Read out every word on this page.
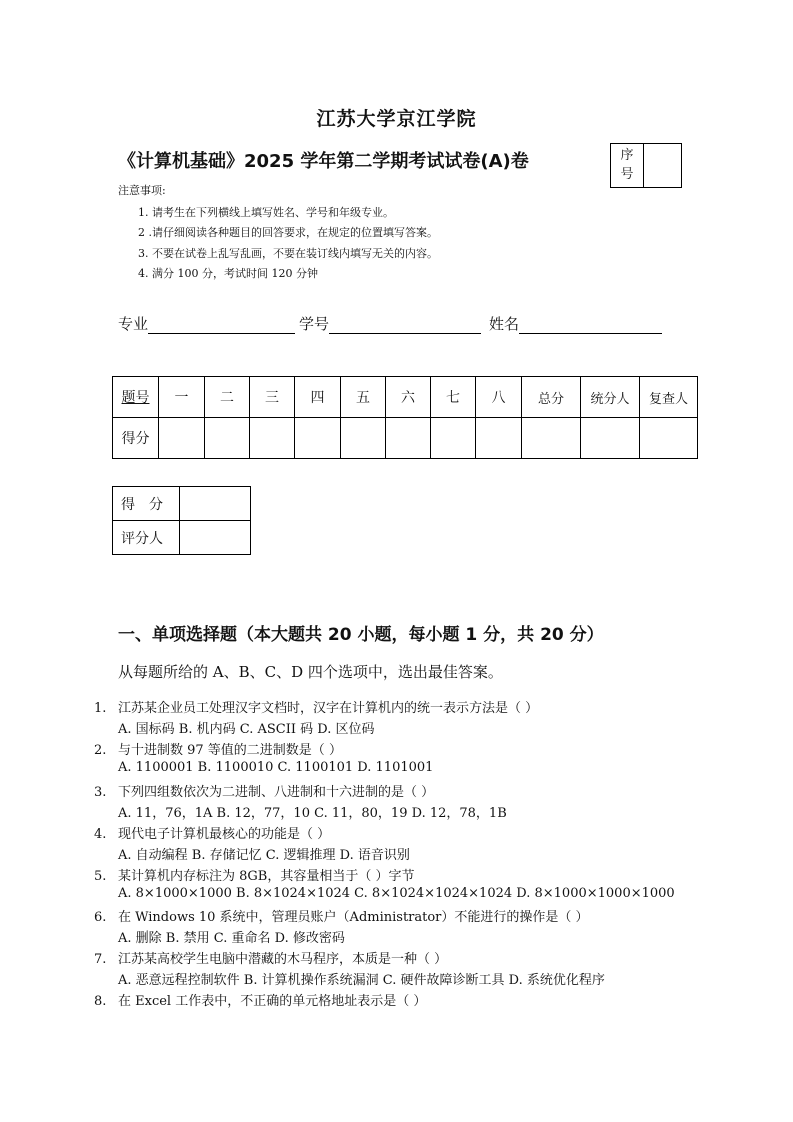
江苏大学京江学院
《计算机基础》2025 学年第二学期考试试卷(A)卷	序
号
注意事项:
1. 请考生在下列横线上填写姓名、学号和年级专业。
2 .请仔细阅读各种题目的回答要求，在规定的位置填写答案。
3. 不要在试卷上乱写乱画，不要在装订线内填写无关的内容。
4. 满分 100 分，考试时间 120 分钟
专业	学号	姓名
题号	一	二	三	四	五	六	七	八	总分	统分人	复查人
得分											
得　分	
评分人	
一、单项选择题（本大题共 20 小题，每小题 1 分，共 20 分）
从每题所给的 A、B、C、D 四个选项中，选出最佳答案。
1. 江苏某企业员工处理汉字文档时，汉字在计算机内的统一表示方法是（ ）
A. 国标码 B. 机内码 C. ASCII 码 D. 区位码
2. 与十进制数 97 等值的二进制数是（ ）
A. 1100001 B. 1100010 C. 1100101 D. 1101001
3. 下列四组数依次为二进制、八进制和十六进制的是（ ）
A. 11，76，1A B. 12，77，10 C. 11，80，19 D. 12，78，1B
4. 现代电子计算机最核心的功能是（ ）
A. 自动编程 B. 存储记忆 C. 逻辑推理 D. 语音识别
5. 某计算机内存标注为 8GB，其容量相当于（ ）字节
A. 8×1000×1000 B. 8×1024×1024 C. 8×1024×1024×1024 D. 8×1000×1000×1000
6. 在 Windows 10 系统中，管理员账户（Administrator）不能进行的操作是（ ）
A. 删除 B. 禁用 C. 重命名 D. 修改密码
7. 江苏某高校学生电脑中潜藏的木马程序，本质是一种（ ）
A. 恶意远程控制软件 B. 计算机操作系统漏洞 C. 硬件故障诊断工具 D. 系统优化程序
8. 在 Excel 工作表中，不正确的单元格地址表示是（ ）
